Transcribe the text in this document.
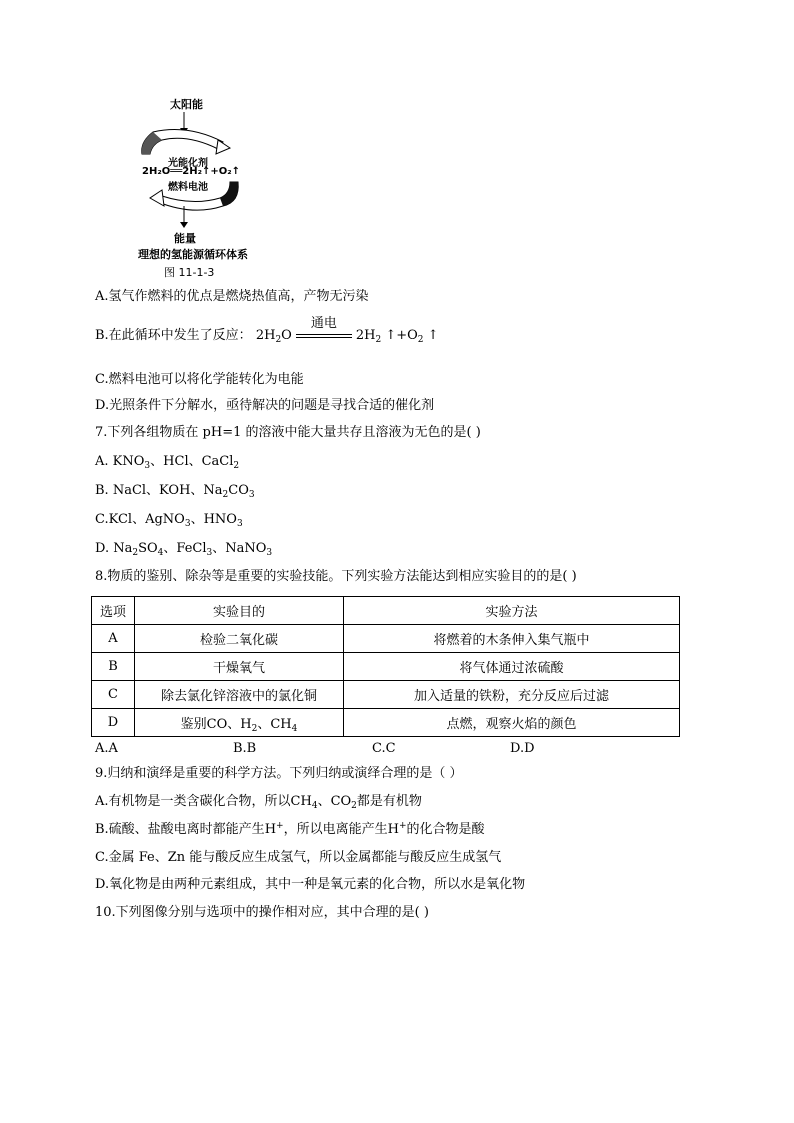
太阳能
光能化剂
2H₂O══2H₂↑+O₂↑
燃料电池
能量
理想的氢能源循环体系
图 11-1-3
A.氢气作燃料的优点是燃烧热值高，产物无污染
B.在此循环中发生了反应： $2H_2O$
通电
$2H_2$ $↑+O_2$ ↑
C.燃料电池可以将化学能转化为电能
D.光照条件下分解水，亟待解决的问题是寻找合适的催化剂
7.下列各组物质在 pH=1 的溶液中能大量共存且溶液为无色的是( )
A. $KNO_3$、HCl、CaCl$_2$
B. NaCl、KOH、$Na_2CO_3$
C.KCl、AgNO$_3$、$HNO_3$
D. $Na_2SO_4$、FeCl$_3$、NaNO$_3$
8.物质的鉴别、除杂等是重要的实验技能。下列实验方法能达到相应实验目的的是( )
选项	实验目的	实验方法
A	检验二氧化碳	将燃着的木条伸入集气瓶中
B	干燥氧气	将气体通过浓硫酸
C	除去氯化锌溶液中的氯化铜	加入适量的铁粉，充分反应后过滤
D	鉴别CO、$H_2$、$CH_4$	点燃，观察火焰的颜色
A.A	B.B	C.C	D.D
9.归纳和演绎是重要的科学方法。下列归纳或演绎合理的是（ ）
A.有机物是一类含碳化合物，所以$CH_4$、$CO_2$都是有机物
B.硫酸、盐酸电离时都能产生H+，所以电离能产生H+的化合物是酸
C.金属 Fe、Zn 能与酸反应生成氢气，所以金属都能与酸反应生成氢气
D.氧化物是由两种元素组成，其中一种是氧元素的化合物，所以水是氧化物
10.下列图像分别与选项中的操作相对应，其中合理的是( )
